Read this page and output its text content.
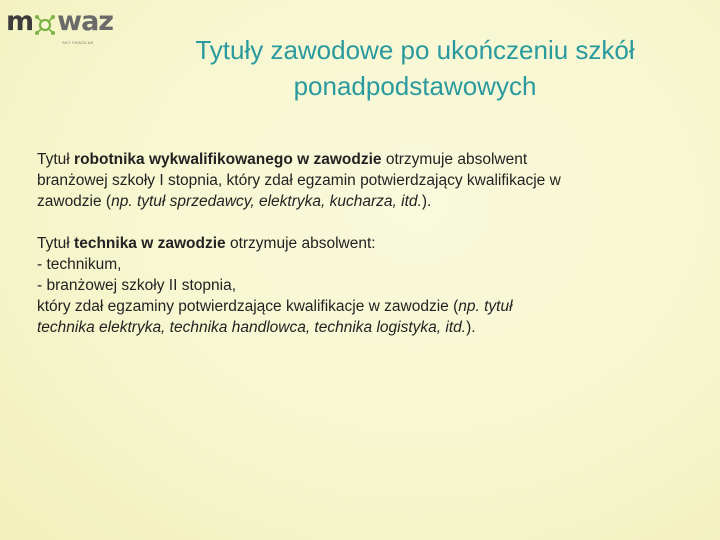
m waz
SKY PAWOLAK	Tytuły zawodowe po ukończeniu szkół
ponadpodstawowych
Tytuł robotnika wykwalifikowanego w zawodzie otrzymuje absolwent
branżowej szkoły I stopnia, który zdał egzamin potwierdzający kwalifikacje w
zawodzie (np. tytuł sprzedawcy, elektryka, kucharza, itd.).
Tytuł technika w zawodzie otrzymuje absolwent:
- technikum,
- branżowej szkoły II stopnia,
który zdał egzaminy potwierdzające kwalifikacje w zawodzie (np. tytuł
technika elektryka, technika handlowca, technika logistyka, itd.).
